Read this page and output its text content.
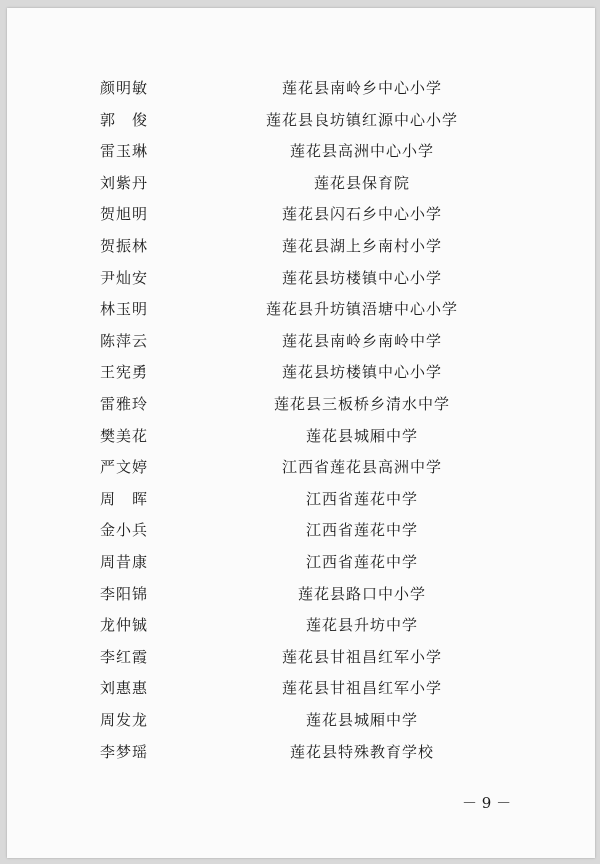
颜明敏	莲花县南岭乡中心小学
郭　俊	莲花县良坊镇红源中心小学
雷玉琳	莲花县高洲中心小学
刘紫丹	莲花县保育院
贺旭明	莲花县闪石乡中心小学
贺振林	莲花县湖上乡南村小学
尹灿安	莲花县坊楼镇中心小学
林玉明	莲花县升坊镇浯塘中心小学
陈萍云	莲花县南岭乡南岭中学
王宪勇	莲花县坊楼镇中心小学
雷雅玲	莲花县三板桥乡清水中学
樊美花	莲花县城厢中学
严文婷	江西省莲花县高洲中学
周　晖	江西省莲花中学
金小兵	江西省莲花中学
周昔康	江西省莲花中学
李阳锦	莲花县路口中小学
龙仲铖	莲花县升坊中学
李红霞	莲花县甘祖昌红军小学
刘惠惠	莲花县甘祖昌红军小学
周发龙	莲花县城厢中学
李梦瑶	莲花县特殊教育学校
－ 9 －
